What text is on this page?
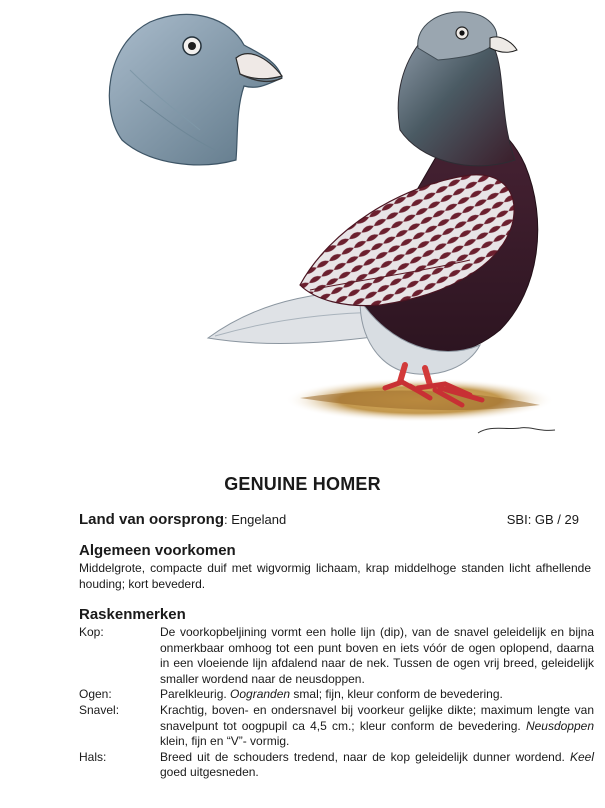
GENUINE HOMER
Land van oorsprong: Engeland	SBI: GB / 29
Algemeen voorkomen
Middelgrote, compacte duif met wigvormig lichaam, krap middelhoge standen licht afhellende houding; kort bevederd.
Raskenmerken
Kop:	De voorkopbeljining vormt een holle lijn (dip), van de snavel geleidelijk en bijna onmerkbaar omhoog tot een punt boven en iets vóór de ogen oplopend, daarna in een vloeiende lijn afdalend naar de nek. Tussen de ogen vrij breed, geleidelijk smaller wordend naar de neusdoppen.
Ogen:	Parelkleurig. Oogranden smal; fijn, kleur conform de bevedering.
Snavel:	Krachtig, boven- en ondersnavel bij voorkeur gelijke dikte; maximum lengte van snavelpunt tot oogpupil ca 4,5 cm.; kleur conform de bevedering. Neusdoppen klein, fijn en “V”- vormig.
Hals:	Breed uit de schouders tredend, naar de kop geleidelijk dunner wordend. Keel goed uitgesneden.
